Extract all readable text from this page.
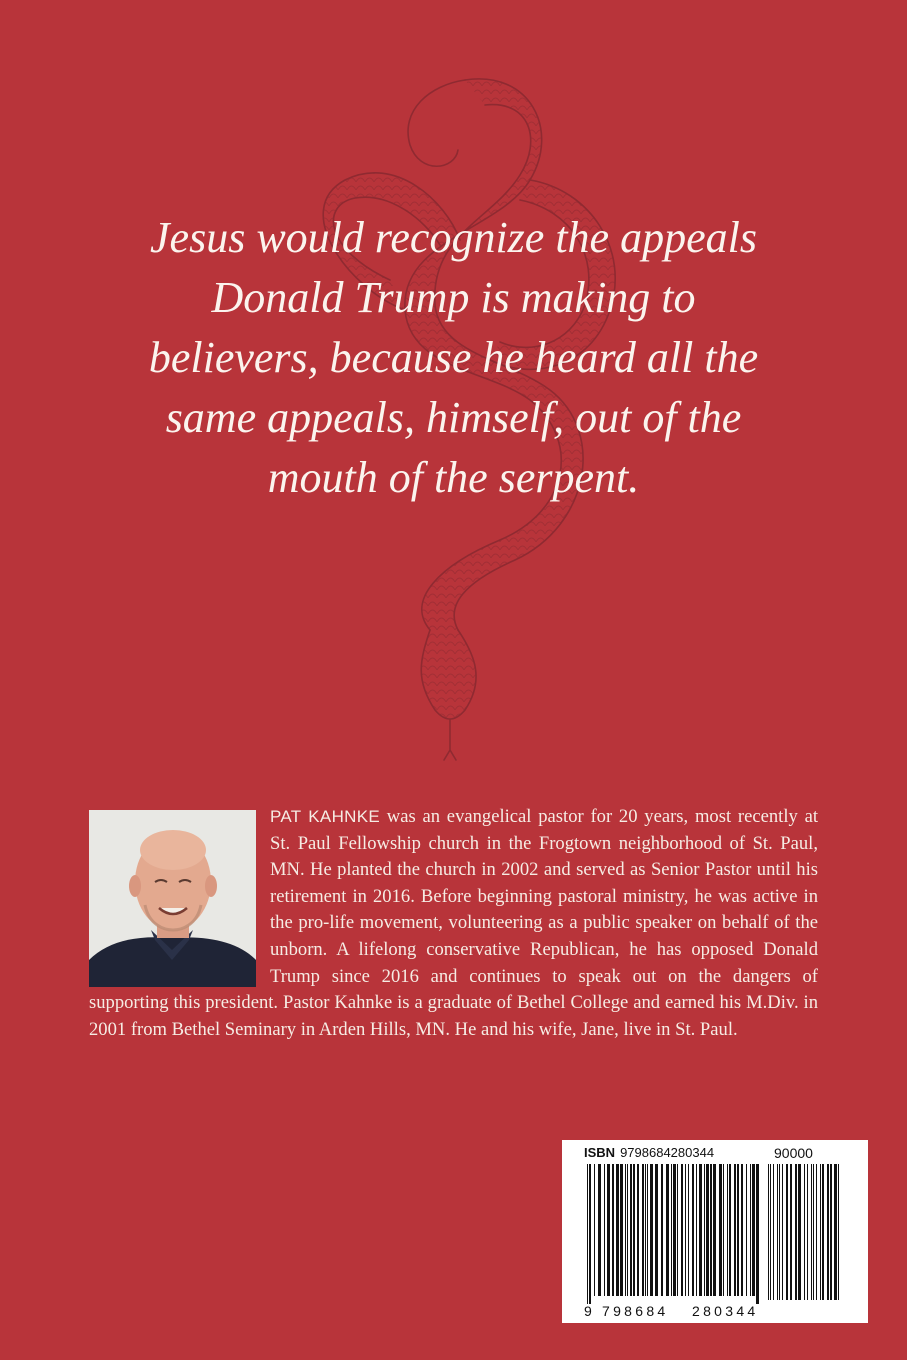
Jesus would recognize the appeals
Donald Trump is making to
believers, because he heard all the
same appeals, himself, out of the
mouth of the serpent.

PAT KAHNKE was an evangelical pastor for 20 years, most recently at St. Paul Fellowship church in the Frogtown neighborhood of St. Paul, MN. He planted the church in 2002 and served as Senior Pastor until his retirement in 2016. Before beginning pastoral ministry, he was active in the pro-life movement, volunteering as a public speaker on behalf of the unborn. A lifelong conservative Republican, he has opposed Donald Trump since 2016 and continues to speak out on the dangers of supporting this president. Pastor Kahnke is a graduate of Bethel College and earned his M.Div. in 2001 from Bethel Seminary in Arden Hills, MN. He and his wife, Jane, live in St. Paul.

ISBN 9798684280344	90000
9 798684 280344
